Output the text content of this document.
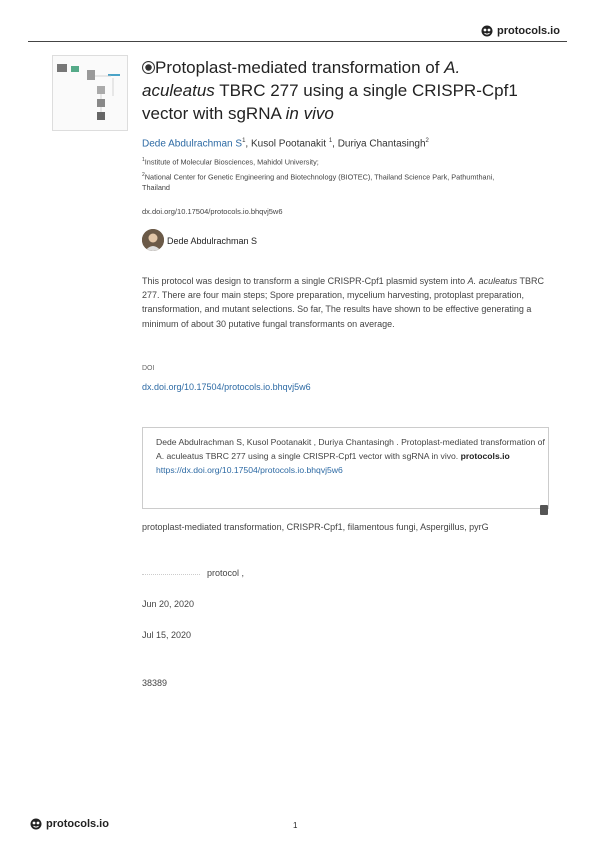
protocols.io
Protoplast-mediated transformation of A. aculeatus TBRC 277 using a single CRISPR-Cpf1 vector with sgRNA in vivo
Dede Abdulrachman $S^1$, Kusol Pootanakit $^1$, Duriya Chantasingh$^2$
$^1$Institute of Molecular Biosciences, Mahidol University;
$^2$National Center for Genetic Engineering and Biotechnology (BIOTEC), Thailand Science Park, Pathumthani, Thailand
dx.doi.org/10.17504/protocols.io.bhqvj5w6
Dede Abdulrachman S
This protocol was design to transform a single CRISPR-Cpf1 plasmid system into A. aculeatus TBRC 277. There are four main steps; Spore preparation, mycelium harvesting, protoplast preparation, transformation, and mutant selections. So far, The results have shown to be effective generating a minimum of about 30 putative fungal transformants on average.
DOI
dx.doi.org/10.17504/protocols.io.bhqvj5w6
Dede Abdulrachman S, Kusol Pootanakit , Duriya Chantasingh . Protoplast-mediated transformation of A. aculeatus TBRC 277 using a single CRISPR-Cpf1 vector with sgRNA in vivo. protocols.io
https://dx.doi.org/10.17504/protocols.io.bhqvj5w6
protoplast-mediated transformation, CRISPR-Cpf1, filamentous fungi, Aspergillus, pyrG
protocol ,
Jun 20, 2020
Jul 15, 2020
38389
protocols.io	1
